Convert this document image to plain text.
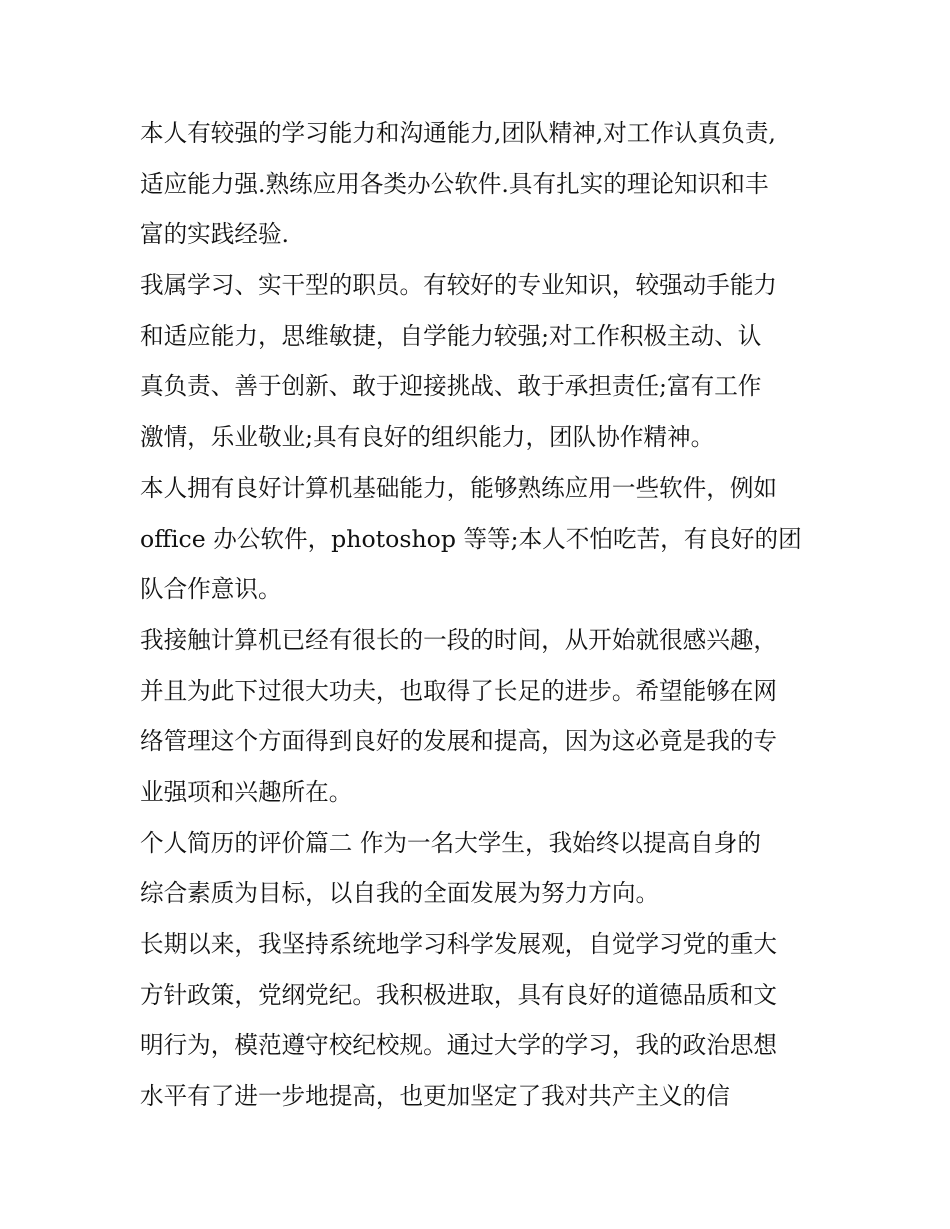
本人有较强的学习能力和沟通能力,团队精神,对工作认真负责,
适应能力强.熟练应用各类办公软件.具有扎实的理论知识和丰
富的实践经验.
我属学习、实干型的职员。有较好的专业知识，较强动手能力
和适应能力，思维敏捷，自学能力较强;对工作积极主动、认
真负责、善于创新、敢于迎接挑战、敢于承担责任;富有工作
激情，乐业敬业;具有良好的组织能力，团队协作精神。
本人拥有良好计算机基础能力，能够熟练应用一些软件，例如
office 办公软件，photoshop 等等;本人不怕吃苦，有良好的团
队合作意识。
我接触计算机已经有很长的一段的时间，从开始就很感兴趣，
并且为此下过很大功夫，也取得了长足的进步。希望能够在网
络管理这个方面得到良好的发展和提高，因为这必竟是我的专
业强项和兴趣所在。
个人简历的评价篇二 作为一名大学生，我始终以提高自身的
综合素质为目标，以自我的全面发展为努力方向。
长期以来，我坚持系统地学习科学发展观，自觉学习党的重大
方针政策，党纲党纪。我积极进取，具有良好的道德品质和文
明行为，模范遵守校纪校规。通过大学的学习，我的政治思想
水平有了进一步地提高，也更加坚定了我对共产主义的信
